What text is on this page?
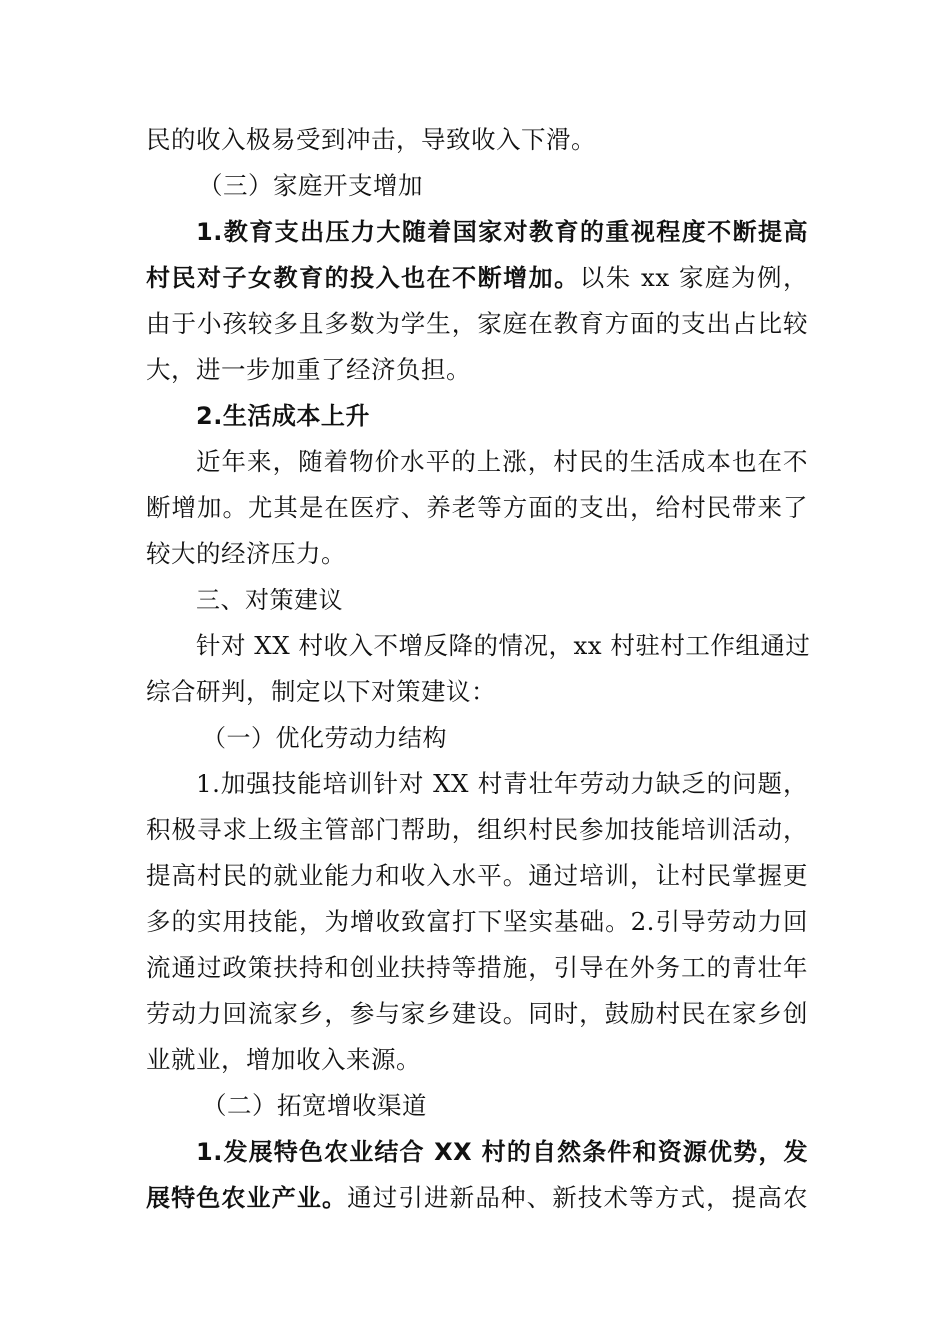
民的收入极易受到冲击，导致收入下滑。
（三）家庭开支增加
1.教育支出压力大随着国家对教育的重视程度不断提高
村民对子女教育的投入也在不断增加。以朱 xx 家庭为例，
由于小孩较多且多数为学生，家庭在教育方面的支出占比较
大，进一步加重了经济负担。
2.生活成本上升
近年来，随着物价水平的上涨，村民的生活成本也在不
断增加。尤其是在医疗、养老等方面的支出，给村民带来了
较大的经济压力。
三、对策建议
针对 XX 村收入不增反降的情况，xx 村驻村工作组通过
综合研判，制定以下对策建议：
（一）优化劳动力结构
1.加强技能培训针对 XX 村青壮年劳动力缺乏的问题，
积极寻求上级主管部门帮助，组织村民参加技能培训活动，
提高村民的就业能力和收入水平。通过培训，让村民掌握更
多的实用技能，为增收致富打下坚实基础。2.引导劳动力回
流通过政策扶持和创业扶持等措施，引导在外务工的青壮年
劳动力回流家乡，参与家乡建设。同时，鼓励村民在家乡创
业就业，增加收入来源。
（二）拓宽增收渠道
1.发展特色农业结合 XX 村的自然条件和资源优势，发
展特色农业产业。通过引进新品种、新技术等方式，提高农
